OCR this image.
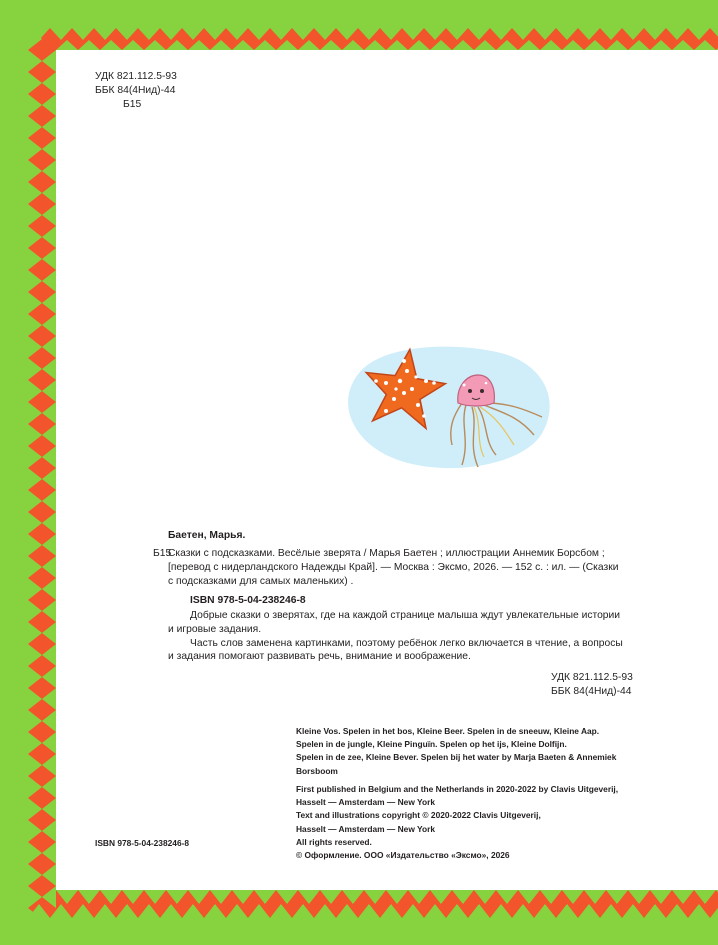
УДК 821.112.5-93
ББК 84(4Нид)-44
Б15
Баетен, Марья.
Б15
Сказки с подсказками. Весёлые зверята / Марья Баетен ; иллюстрации Аннемик Борсбом ;
[перевод с нидерландского Надежды Край]. — Москва : Эксмо, 2026. — 152 с. : ил. — (Сказки
с подсказками для самых маленьких) .
ISBN 978-5-04-238246-8
Добрые сказки о зверятах, где на каждой странице малыша ждут увлекательные истории
и игровые задания.
Часть слов заменена картинками, поэтому ребёнок легко включается в чтение, а вопросы
и задания помогают развивать речь, внимание и воображение.
УДК 821.112.5-93
ББК 84(4Нид)-44
Kleine Vos. Spelen in het bos, Kleine Beer. Spelen in de sneeuw, Kleine Aap.
Spelen in de jungle, Kleine Pinguïn. Spelen op het ijs, Kleine Dolfijn.
Spelen in de zee, Kleine Bever. Spelen bij het water by Marja Baeten & Annemiek
Borsboom
First published in Belgium and the Netherlands in 2020-2022 by Clavis Uitgeverij,
Hasselt — Amsterdam — New York
Text and illustrations copyright © 2020-2022 Clavis Uitgeverij,
Hasselt — Amsterdam — New York
All rights reserved.
© Оформление. ООО «Издательство «Эксмо», 2026
ISBN 978-5-04-238246-8
